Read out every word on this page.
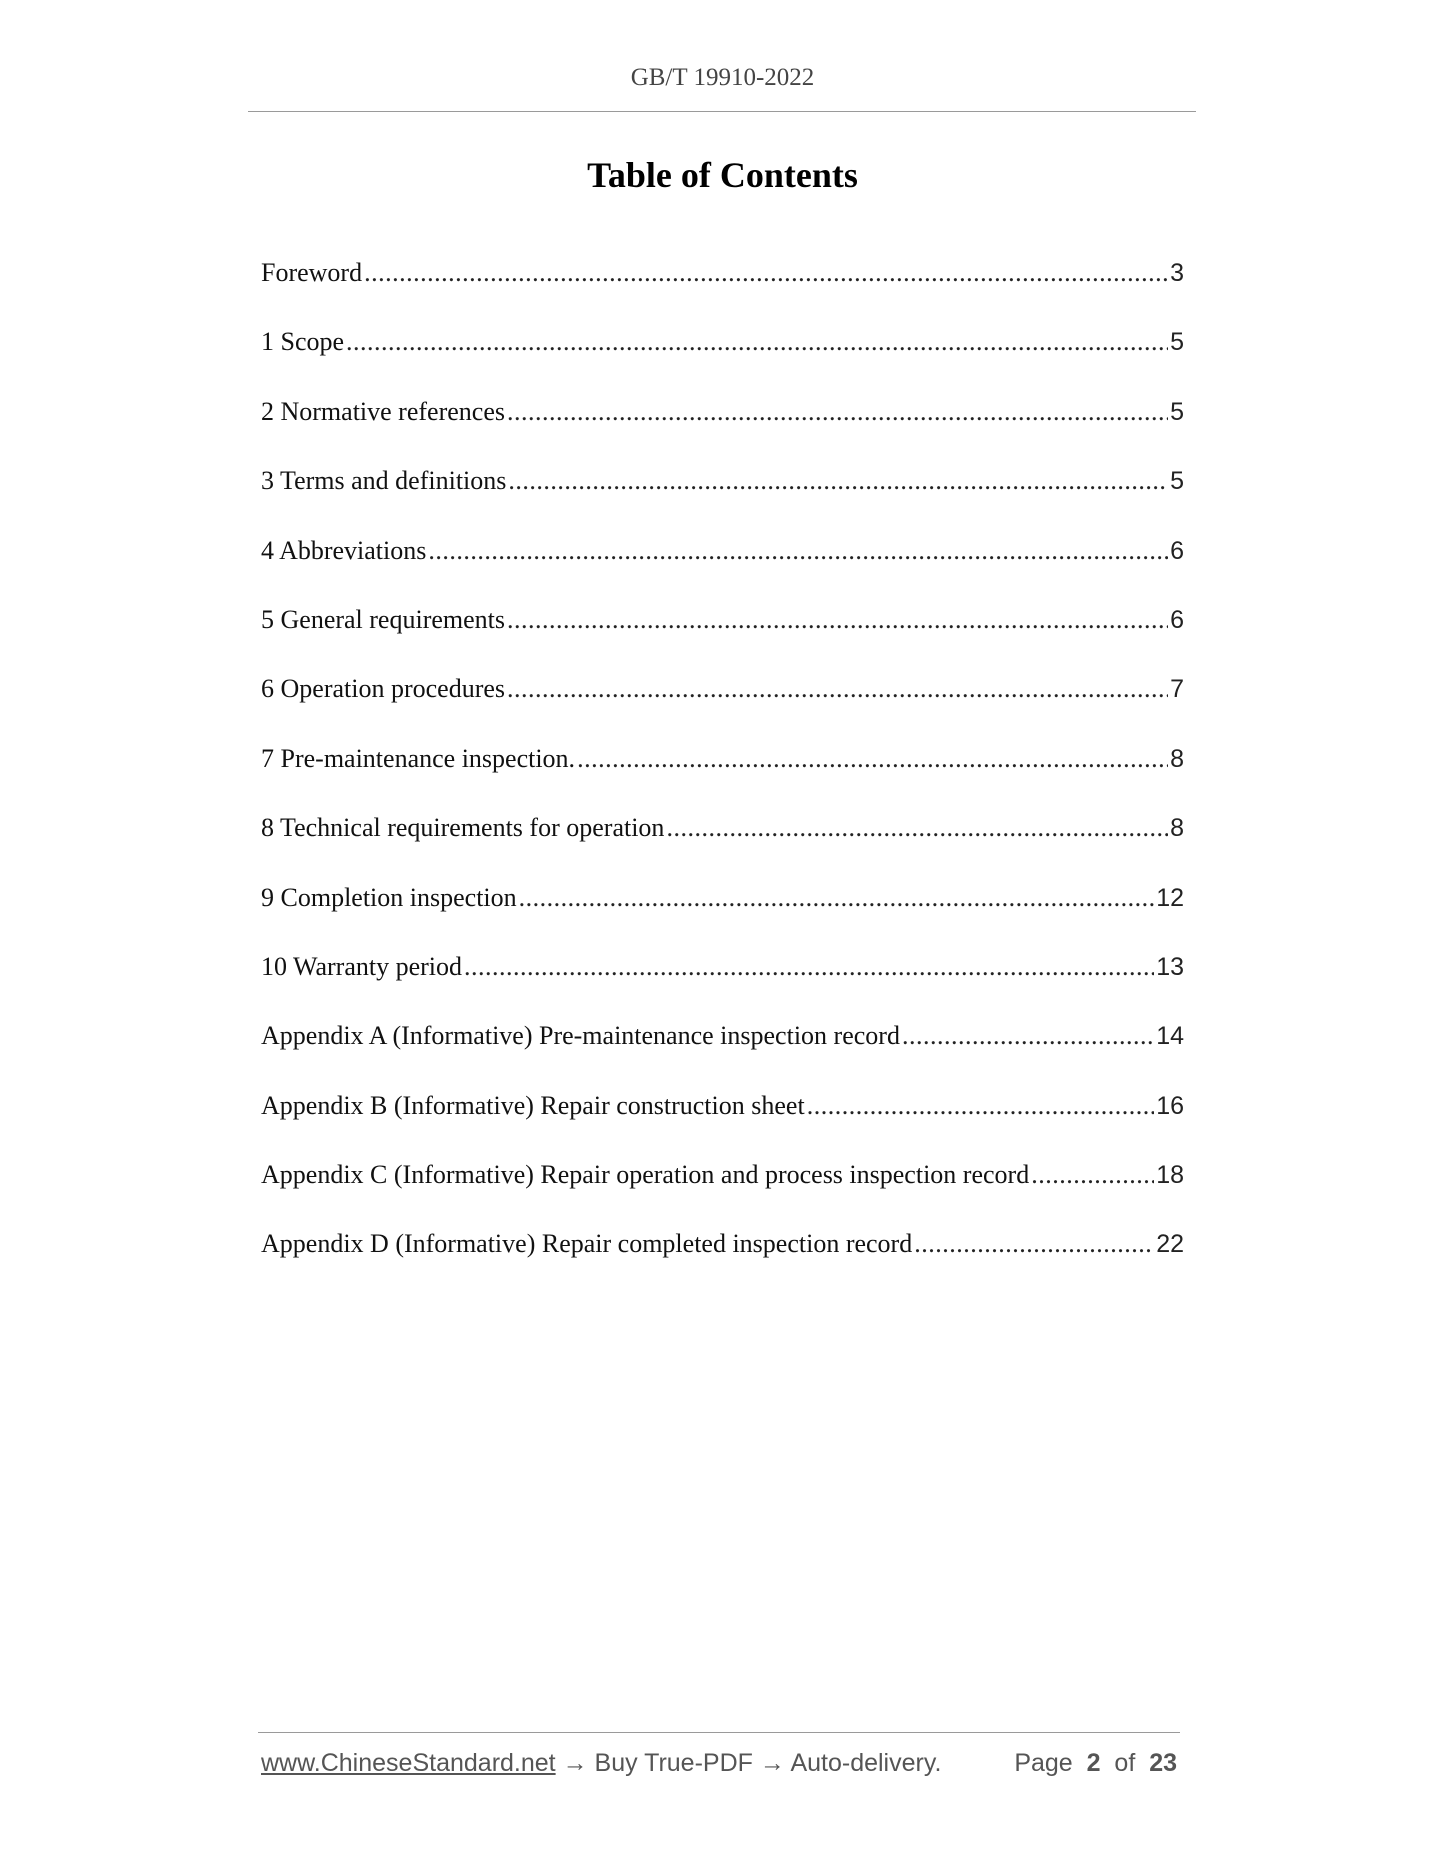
GB/T 19910-2022
Table of Contents
Foreword .....	3
1 Scope .....	5
2 Normative references .....	5
3 Terms and definitions .....	5
4 Abbreviations .....	6
5 General requirements .....	6
6 Operation procedures .....	7
7 Pre-maintenance inspection. .....	8
8 Technical requirements for operation .....	8
9 Completion inspection .....	12
10 Warranty period .....	13
Appendix A (Informative) Pre-maintenance inspection record .....	14
Appendix B (Informative) Repair construction sheet .....	16
Appendix C (Informative) Repair operation and process inspection record .....	18
Appendix D (Informative) Repair completed inspection record .....	22
www.ChineseStandard.net → Buy True-PDF → Auto-delivery.	Page 2 of 23
